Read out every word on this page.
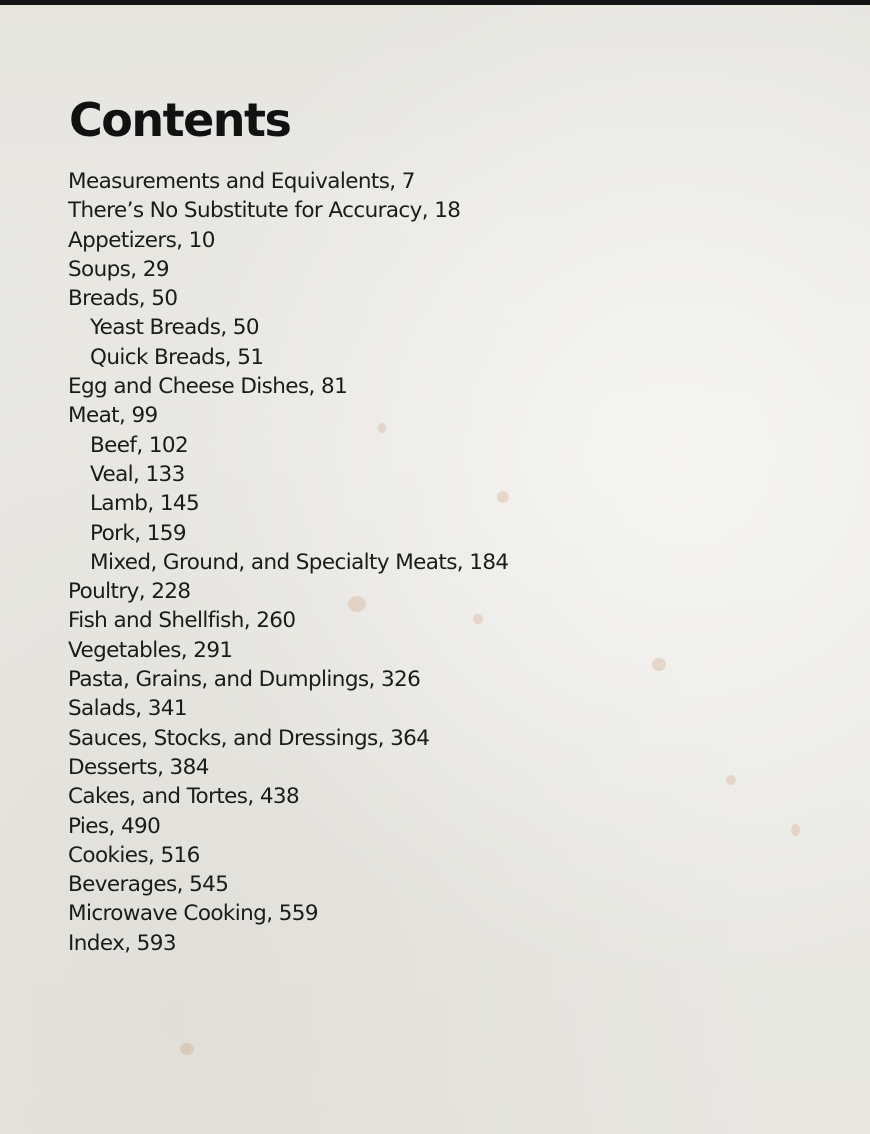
Contents
Measurements and Equivalents, 7
There’s No Substitute for Accuracy, 18
Appetizers, 10
Soups, 29
Breads, 50
Yeast Breads, 50
Quick Breads, 51
Egg and Cheese Dishes, 81
Meat, 99
Beef, 102
Veal, 133
Lamb, 145
Pork, 159
Mixed, Ground, and Specialty Meats, 184
Poultry, 228
Fish and Shellfish, 260
Vegetables, 291
Pasta, Grains, and Dumplings, 326
Salads, 341
Sauces, Stocks, and Dressings, 364
Desserts, 384
Cakes, and Tortes, 438
Pies, 490
Cookies, 516
Beverages, 545
Microwave Cooking, 559
Index, 593
